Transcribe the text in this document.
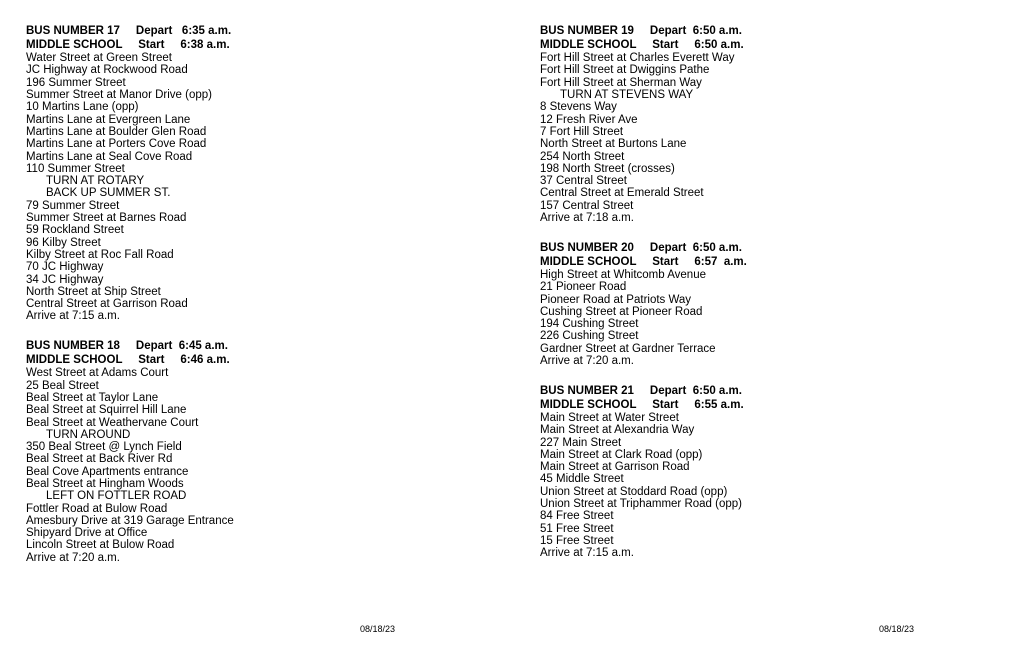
BUS NUMBER 17     Depart   6:35 a.m.
MIDDLE SCHOOL     Start     6:38 a.m.
Water Street at Green Street
JC Highway at Rockwood Road
196 Summer Street
Summer Street at Manor Drive (opp)
10 Martins Lane (opp)
Martins Lane at Evergreen Lane
Martins Lane at Boulder Glen Road
Martins Lane at Porters Cove Road
Martins Lane at Seal Cove Road
110 Summer Street
TURN AT ROTARY
BACK UP SUMMER ST.
79 Summer Street
Summer Street at Barnes Road
59 Rockland Street
96 Kilby Street
Kilby Street at Roc Fall Road
70 JC Highway
34 JC Highway
North Street at Ship Street
Central Street at Garrison Road
Arrive at 7:15 a.m.
BUS NUMBER 18     Depart  6:45 a.m.
MIDDLE SCHOOL     Start     6:46 a.m.
West Street at Adams Court
25 Beal Street
Beal Street at Taylor Lane
Beal Street at Squirrel Hill Lane
Beal Street at Weathervane Court
TURN AROUND
350 Beal Street @ Lynch Field
Beal Street at Back River Rd
Beal Cove Apartments entrance
Beal Street at Hingham Woods
LEFT ON FOTTLER ROAD
Fottler Road at Bulow Road
Amesbury Drive at 319 Garage Entrance
Shipyard Drive at Office
Lincoln Street at Bulow Road
Arrive at 7:20 a.m.
BUS NUMBER 19     Depart  6:50 a.m.
MIDDLE SCHOOL     Start     6:50 a.m.
Fort Hill Street at Charles Everett Way
Fort Hill Street at Dwiggins Pathe
Fort Hill Street at Sherman Way
TURN AT STEVENS WAY
8 Stevens Way
12 Fresh River Ave
7 Fort Hill Street
North Street at Burtons Lane
254 North Street
198 North Street (crosses)
37 Central Street
Central Street at Emerald Street
157 Central Street
Arrive at 7:18 a.m.
BUS NUMBER 20     Depart  6:50 a.m.
MIDDLE SCHOOL     Start     6:57  a.m.
High Street at Whitcomb Avenue
21 Pioneer Road
Pioneer Road at Patriots Way
Cushing Street at Pioneer Road
194 Cushing Street
226 Cushing Street
Gardner Street at Gardner Terrace
Arrive at 7:20 a.m.
BUS NUMBER 21     Depart  6:50 a.m.
MIDDLE SCHOOL     Start     6:55 a.m.
Main Street at Water Street
Main Street at Alexandria Way
227 Main Street
Main Street at Clark Road (opp)
Main Street at Garrison Road
45 Middle Street
Union Street at Stoddard Road (opp)
Union Street at Triphammer Road (opp)
84 Free Street
51 Free Street
15 Free Street
Arrive at 7:15 a.m.
08/18/23	08/18/23
